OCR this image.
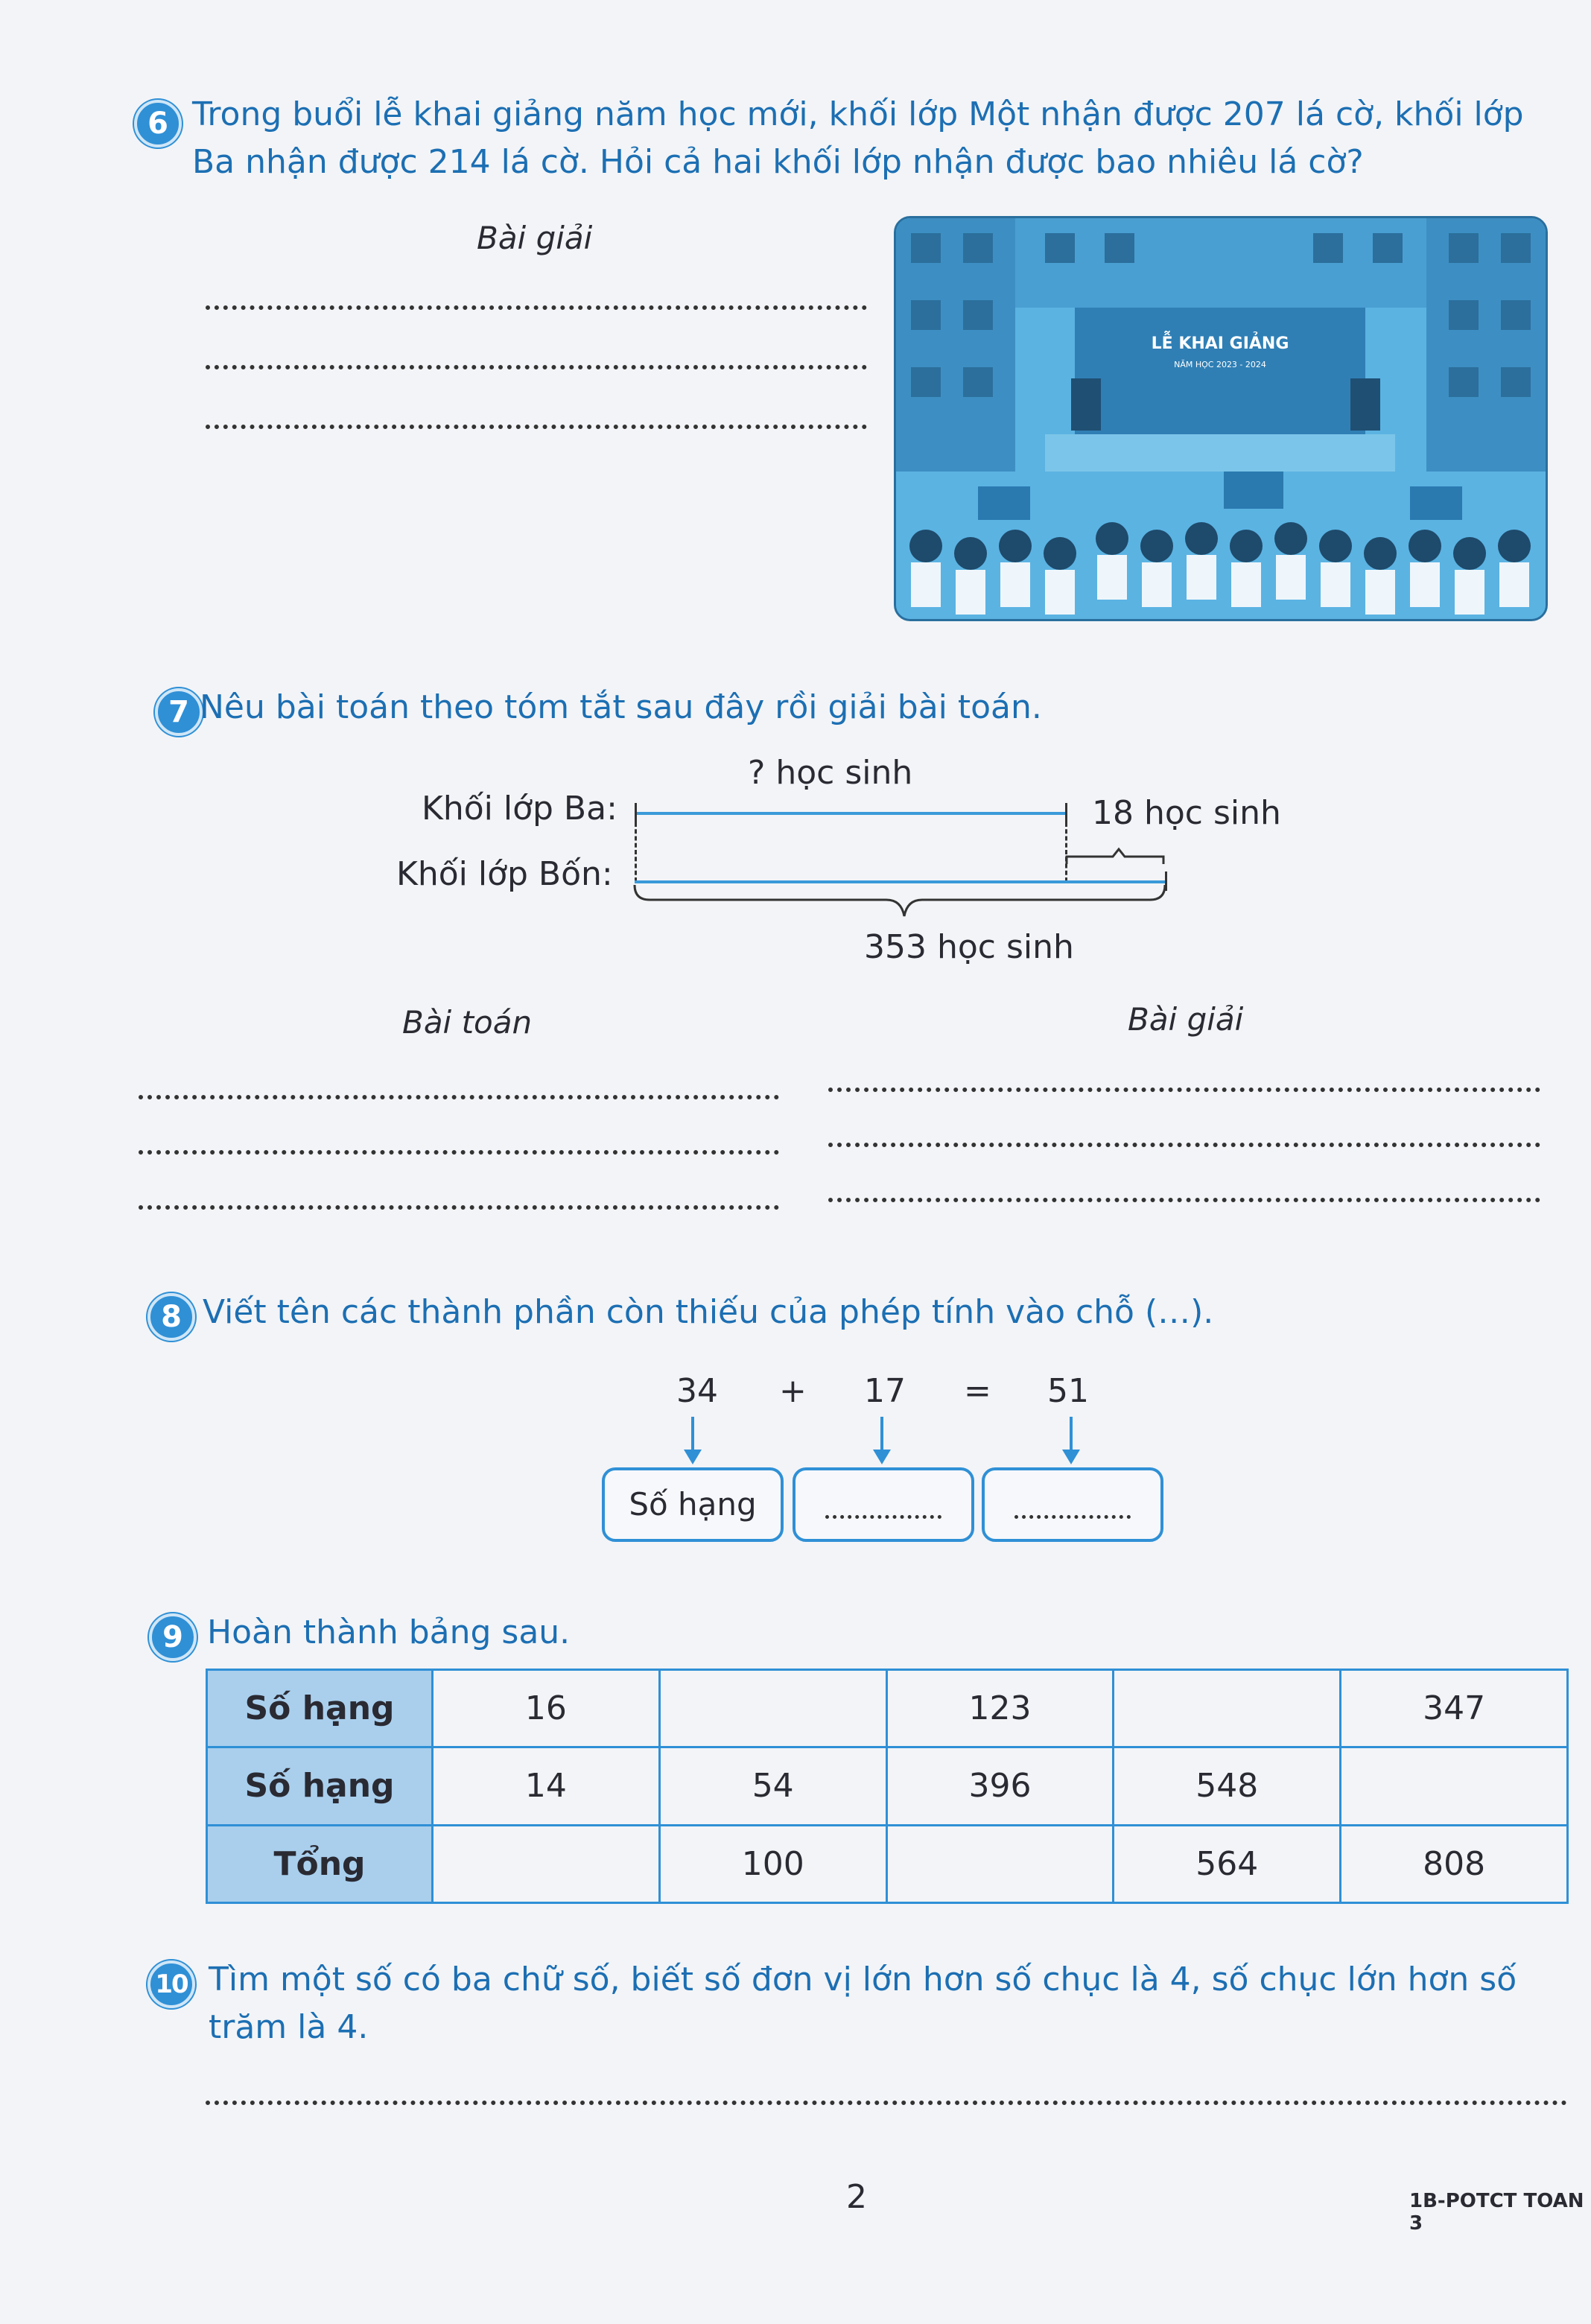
6 Trong buổi lễ khai giảng năm học mới, khối lớp Một nhận được 207 lá cờ, khối lớp
Ba nhận được 214 lá cờ. Hỏi cả hai khối lớp nhận được bao nhiêu lá cờ?
Bài giải
LỄ KHAI GIẢNG
NĂM HỌC 2023 - 2024
7 Nêu bài toán theo tóm tắt sau đây rồi giải bài toán.
? học sinh
Khối lớp Ba:	18 học sinh
Khối lớp Bốn:
353 học sinh
Bài toán	Bài giải
8 Viết tên các thành phần còn thiếu của phép tính vào chỗ (…).
34 + 17 = 51
Số hạng
9 Hoàn thành bảng sau.
Số hạng	16		123		347
Số hạng	14	54	396	548	
Tổng		100		564	808
10 Tìm một số có ba chữ số, biết số đơn vị lớn hơn số chục là 4, số chục lớn hơn số
trăm là 4.
2	1B-POTCT TOAN 3
